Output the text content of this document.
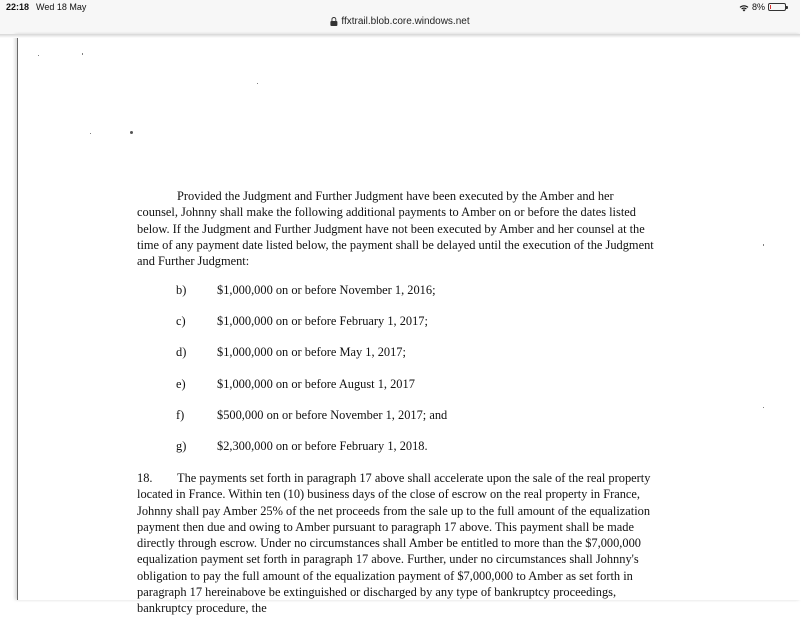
22:18 Wed 18 May	8%
ffxtrail.blob.core.windows.net
Provided the Judgment and Further Judgment have been executed by the Amber and her counsel, Johnny shall make the following additional payments to Amber on or before the dates listed below. If the Judgment and Further Judgment have not been executed by Amber and her counsel at the time of any payment date listed below, the payment shall be delayed until the execution of the Judgment and Further Judgment:
b) $1,000,000 on or before November 1, 2016;
c)	$1,000,000 on or before February 1, 2017;
d) $1,000,000 on or before May 1, 2017;
e)	$1,000,000 on or before August 1, 2017
f)	$500,000 on or before November 1, 2017; and
g) $2,300,000 on or before February 1, 2018.
18. The payments set forth in paragraph 17 above shall accelerate upon the sale of the real property located in France. Within ten (10) business days of the close of escrow on the real property in France, Johnny shall pay Amber 25% of the net proceeds from the sale up to the full amount of the equalization payment then due and owing to Amber pursuant to paragraph 17 above. This payment shall be made directly through escrow. Under no circumstances shall Amber be entitled to more than the $7,000,000 equalization payment set forth in paragraph 17 above. Further, under no circumstances shall Johnny's obligation to pay the full amount of the equalization payment of $7,000,000 to Amber as set forth in paragraph 17 hereinabove be extinguished or discharged by any type of bankruptcy proceedings, bankruptcy procedure, the
